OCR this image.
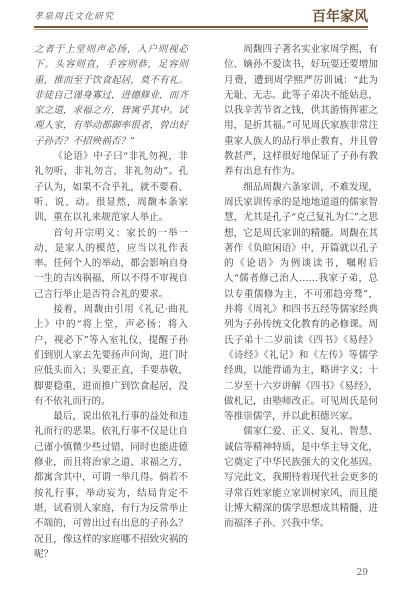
孝泉周氏文化研究	百年家风

之者于上堂则声必扬，入户则视必下。头容则直，手容则恭，足容则重，推而至于饮食起居，莫不有礼。非徒自己谨身寡过，进德修业，而齐家之道，求福之方，皆寓乎其中。试观人家，有举动都御率很者，曾出好子孙否？不招殃祸否？”

《论语》中子曰“非礼勿视，非礼勿听，非礼勿言，非礼勿动”。孔子认为，如果不合乎礼，就不要看、听、说、动。很显然，周馥本条家训，重在以礼来规范家人举止。

首句开宗明义：家长的一举一动，是家人的模范，应当以礼作表率。任何个人的举动，都会影响自身一生的吉凶祸福，所以不得不审视自己言行举止是否符合礼的要求。

接着，周馥由引用《礼记·曲礼上》中的“将上堂，声必扬；将入户，视必下”等入室礼仪，提醒子孙们到别人家去先要扬声问询，进门时应低头而入；头要正直，手要恭敬，脚要稳重，进而推广到饮食起居，没有不依礼而行的。

最后，说出依礼行事的益处和违礼而行的恶果。依礼行事不仅是让自己谨小慎微少些过错，同时也能进德修业，而且将治家之道、求福之方，都寓含其中，可谓一举几得。倘若不按礼行事，举动妄为，结局肯定不堪，试看别人家庭，有行为反常举止不端的，可曾出过有出息的子孙么？况且，像这样的家庭哪不招致灾祸的呢？

周馥四子著名实业家周学熙，有位、嫡孙不爱读书，好玩耍还要增加月费，遭到周学熙严厉训诫：“此为无耻、无志。此等子弟决不能姑息，以我辛苦节省之钱，供其游惰挥霍之用，是折其福。”可见周氏家族非常注重家人族人的品行举止教育，并且曾教甚严，这样很好地保证了子孙有教养有出息有作为。

细品周馥六条家训，不难发现，周氏家训传承的是地地道道的儒家智慧，尤其是孔子“克己复礼为仁”之思想，它是周氏家训的精髓。周馥在其著作《负暄闲语》中，开篇就以孔子的《论语》为例谈读书，嘱咐后人“儒者修己治人……我家子弟，总以专重儒修为主，不可邪趋旁骛”，并将《周礼》和四书五经等儒家经典列为子孙传统文化教育的必修课。周氏子弟十二岁前读《四书》《易经》《诗经》《礼记》和《左传》等儒学经典，以能背诵为主，略讲字义；十二岁至十六岁讲解《四书》《易经》，做札记，由塾师改正。可见周氏是何等推崇儒学，并以此积德兴家。

儒家仁爱、正义、复礼、智慧、诚信等精神特质，是中华主导文化，它奠定了中华民族强大的文化基因。写完此文，我期待着现代社会更多的寻常百姓家能立家训树家风，而且能让博大精深的儒学思想成其精髓，进而福泽子孙、兴我中华。

29
